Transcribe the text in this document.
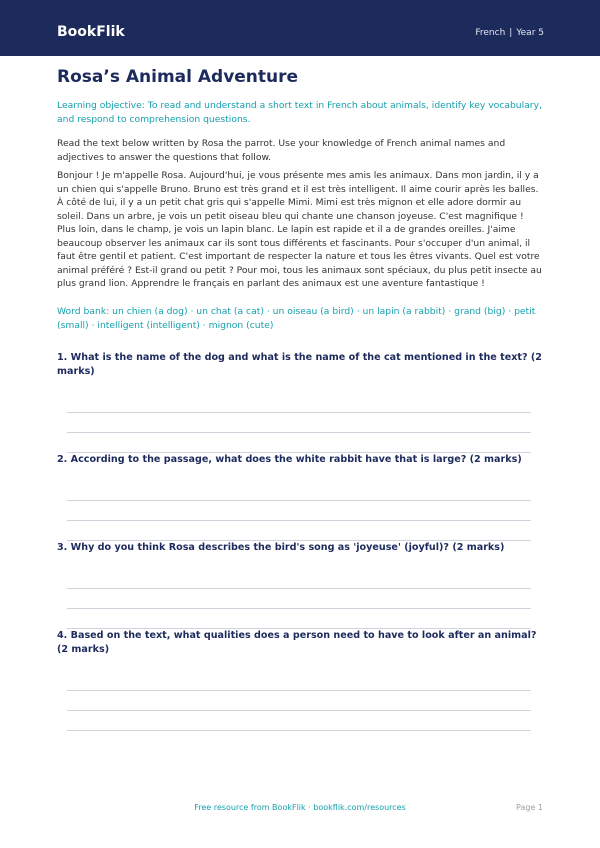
BookFlik	French | Year 5
Rosa’s Animal Adventure
Learning objective: To read and understand a short text in French about animals, identify key vocabulary, and respond to comprehension questions.
Read the text below written by Rosa the parrot. Use your knowledge of French animal names and adjectives to answer the questions that follow.
Bonjour ! Je m'appelle Rosa. Aujourd'hui, je vous présente mes amis les animaux. Dans mon jardin, il y a un chien qui s'appelle Bruno. Bruno est très grand et il est très intelligent. Il aime courir après les balles. À côté de lui, il y a un petit chat gris qui s'appelle Mimi. Mimi est très mignon et elle adore dormir au soleil. Dans un arbre, je vois un petit oiseau bleu qui chante une chanson joyeuse. C'est magnifique ! Plus loin, dans le champ, je vois un lapin blanc. Le lapin est rapide et il a de grandes oreilles. J'aime beaucoup observer les animaux car ils sont tous différents et fascinants. Pour s'occuper d'un animal, il faut être gentil et patient. C'est important de respecter la nature et tous les êtres vivants. Quel est votre animal préféré ? Est-il grand ou petit ? Pour moi, tous les animaux sont spéciaux, du plus petit insecte au plus grand lion. Apprendre le français en parlant des animaux est une aventure fantastique !
Word bank: un chien (a dog) · un chat (a cat) · un oiseau (a bird) · un lapin (a rabbit) · grand (big) · petit (small) · intelligent (intelligent) · mignon (cute)
1. What is the name of the dog and what is the name of the cat mentioned in the text? (2 marks)
2. According to the passage, what does the white rabbit have that is large? (2 marks)
3. Why do you think Rosa describes the bird's song as 'joyeuse' (joyful)? (2 marks)
4. Based on the text, what qualities does a person need to have to look after an animal? (2 marks)
Free resource from BookFlik · bookflik.com/resources	Page 1
